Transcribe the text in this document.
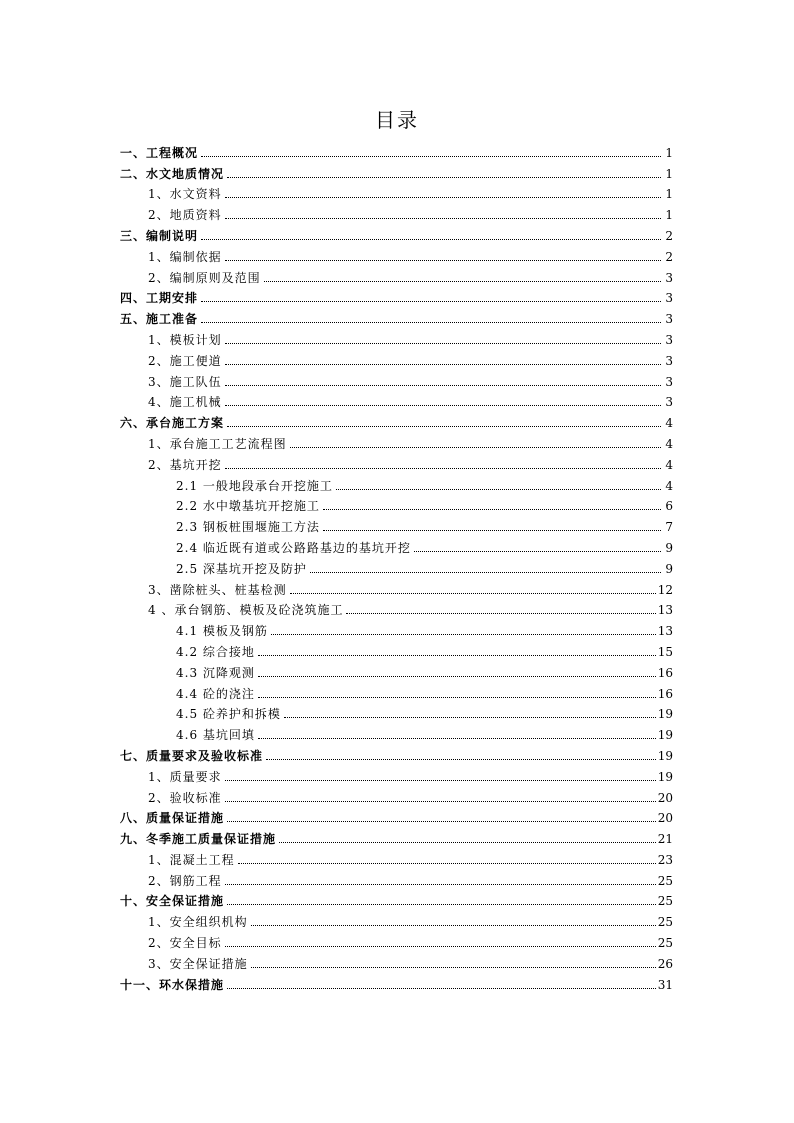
目录
一、工程概况	1
二、水文地质情况	1
1、水文资料	1
2、地质资料	1
三、编制说明	2
1、编制依据	2
2、编制原则及范围	3
四、工期安排	3
五、施工准备	3
1、模板计划	3
2、施工便道	3
3、施工队伍	3
4、施工机械	3
六、承台施工方案	4
1、承台施工工艺流程图	4
2、基坑开挖	4
2.1 一般地段承台开挖施工	4
2.2 水中墩基坑开挖施工	6
2.3 钢板桩围堰施工方法	7
2.4 临近既有道或公路路基边的基坑开挖	9
2.5 深基坑开挖及防护	9
3、凿除桩头、桩基检测	12
4 、承台钢筋、模板及砼浇筑施工	13
4.1 模板及钢筋	13
4.2 综合接地	15
4.3 沉降观测	16
4.4 砼的浇注	16
4.5 砼养护和拆模	19
4.6 基坑回填	19
七、质量要求及验收标准	19
1、质量要求	19
2、验收标准	20
八、质量保证措施	20
九、冬季施工质量保证措施	21
1、混凝土工程	23
2、钢筋工程	25
十、安全保证措施	25
1、安全组织机构	25
2、安全目标	25
3、安全保证措施	26
十一、环水保措施	31
